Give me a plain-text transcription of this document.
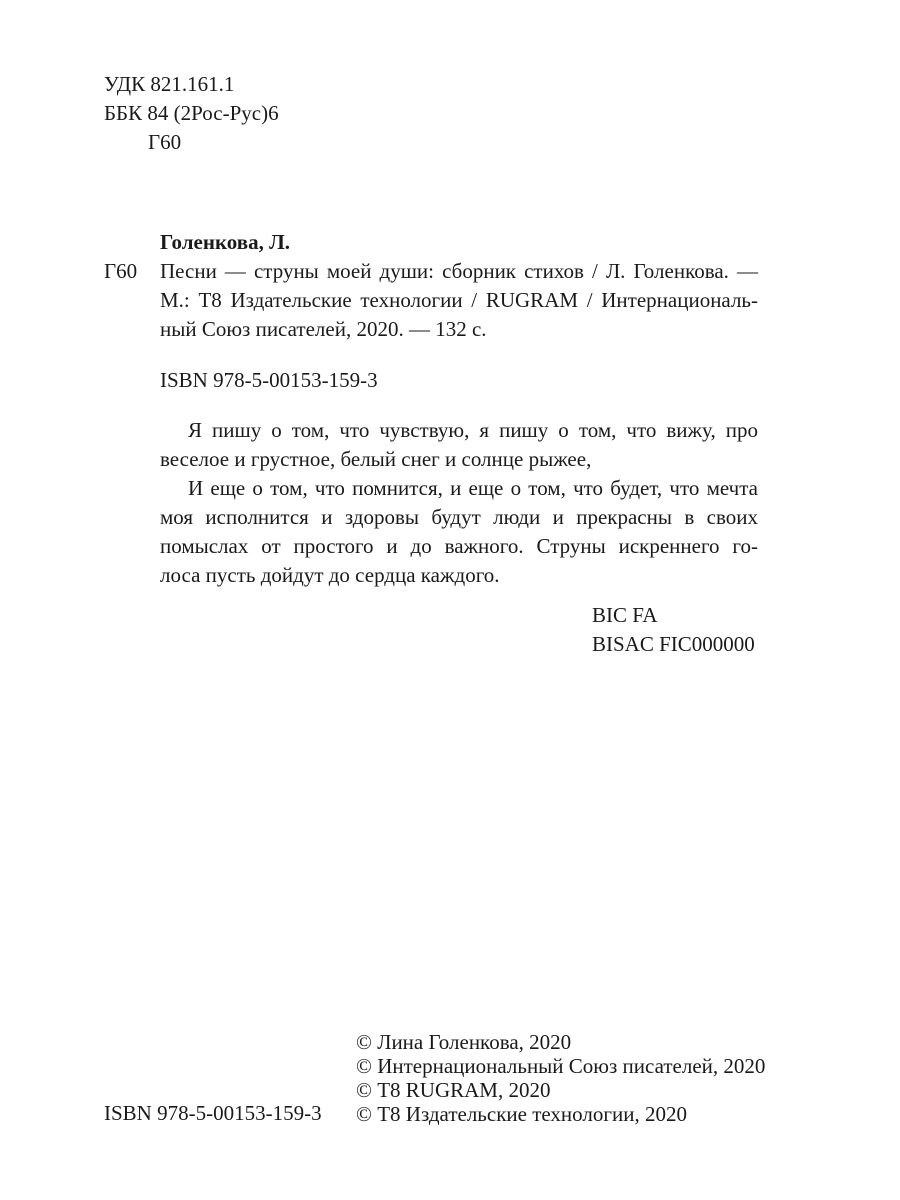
УДК 821.161.1
ББК 84 (2Рос-Рус)6
Г60
Голенкова, Л.
Г60 Песни — струны моей души: сборник стихов / Л. Голенкова. —
М.: Т8 Издательские технологии / RUGRAM / Интернациональ-
ный Союз писателей, 2020. — 132 с.
ISBN 978-5-00153-159-3
Я пишу о том, что чувствую, я пишу о том, что вижу, про
веселое и грустное, белый снег и солнце рыжее,
И еще о том, что помнится, и еще о том, что будет, что мечта
моя исполнится и здоровы будут люди и прекрасны в своих
помыслах от простого и до важного. Струны искреннего го-
лоса пусть дойдут до сердца каждого.
BIC FA
BISAC FIC000000
ISBN 978-5-00153-159-3
© Лина Голенкова, 2020
© Интернациональный Союз писателей, 2020
© Т8 RUGRAM, 2020
© Т8 Издательские технологии, 2020
